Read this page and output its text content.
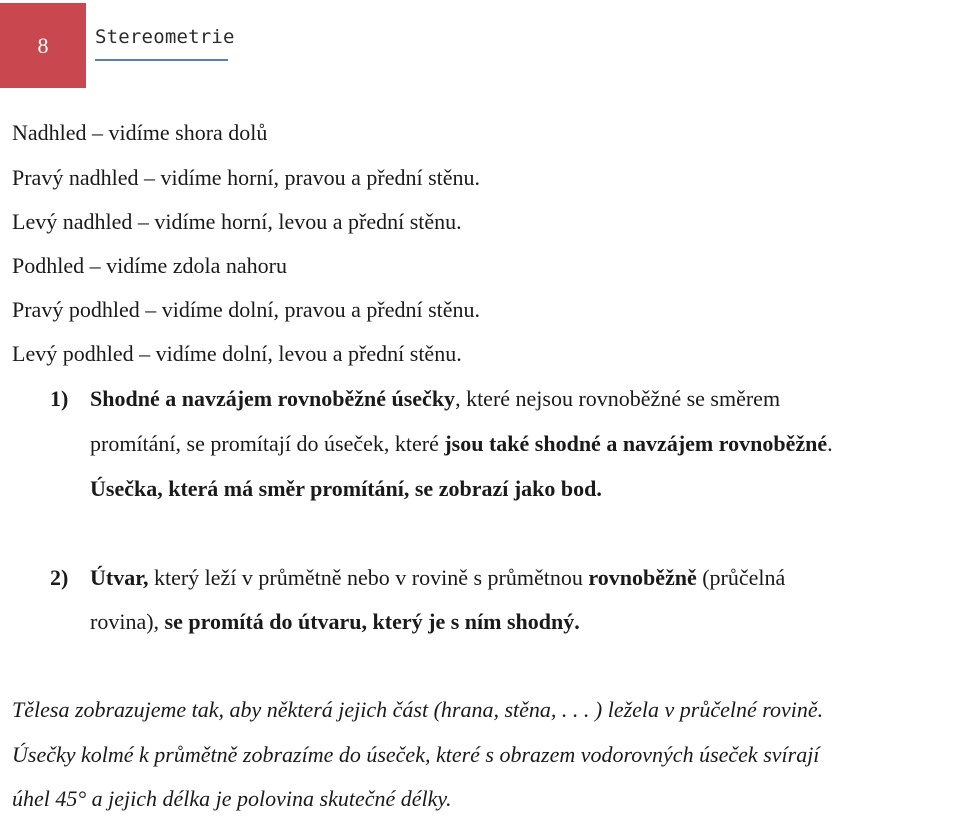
8 Stereometrie
Nadhled – vidíme shora dolů
Pravý nadhled – vidíme horní, pravou a přední stěnu.
Levý nadhled – vidíme horní, levou a přední stěnu.
Podhled – vidíme zdola nahoru
Pravý podhled – vidíme dolní, pravou a přední stěnu.
Levý podhled – vidíme dolní, levou a přední stěnu.
1) Shodné a navzájem rovnoběžné úsečky, které nejsou rovnoběžné se směrem
promítání, se promítají do úseček, které jsou také shodné a navzájem rovnoběžné.
Úsečka, která má směr promítání, se zobrazí jako bod.
2) Útvar, který leží v průmětně nebo v rovině s průmětnou rovnoběžně (průčelná
rovina), se promítá do útvaru, který je s ním shodný.
Tělesa zobrazujeme tak, aby některá jejich část (hrana, stěna, . . . ) ležela v průčelné rovině.
Úsečky kolmé k průmětně zobrazíme do úseček, které s obrazem vodorovných úseček svírají
úhel 45° a jejich délka je polovina skutečné délky.
